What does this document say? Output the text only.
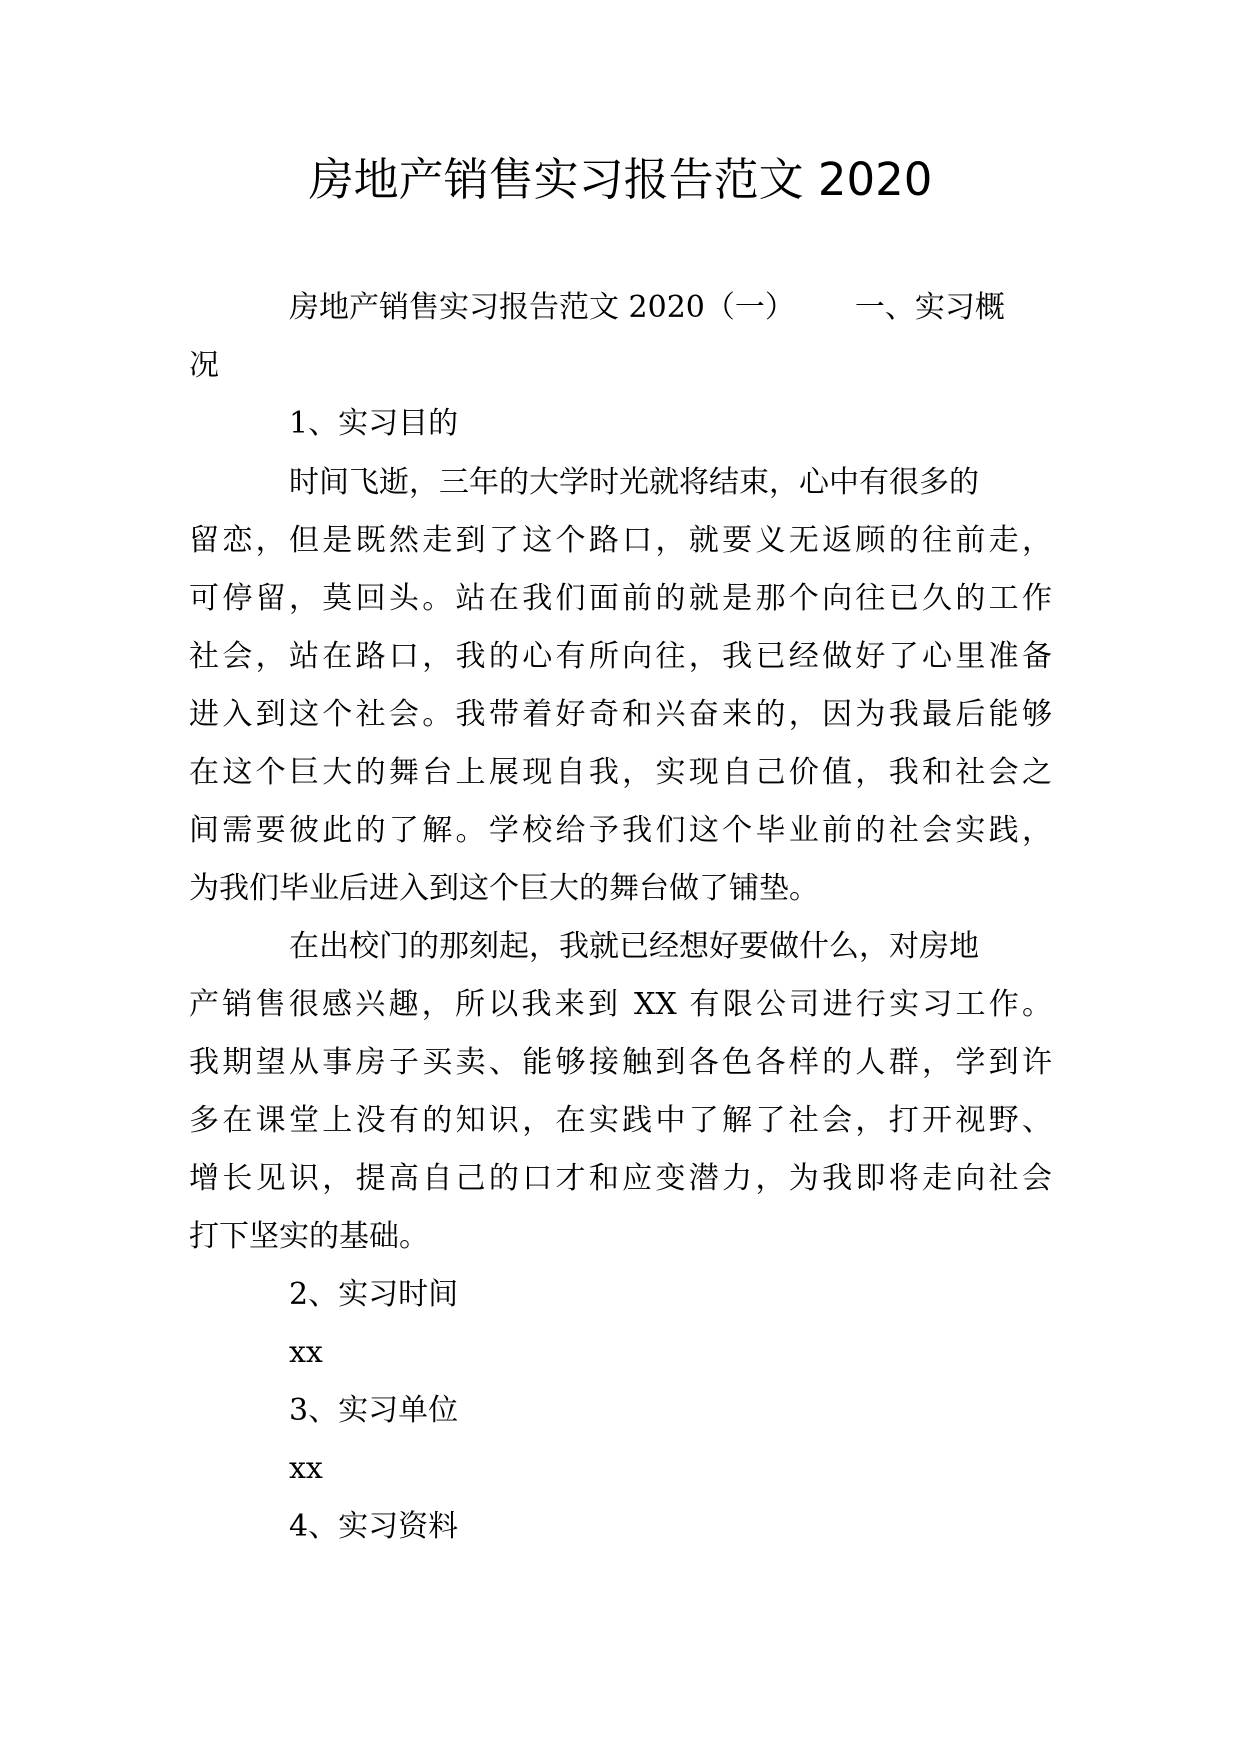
房地产销售实习报告范文 2020
房地产销售实习报告范文 2020（一） 一、实习概
况
1、实习目的
时间飞逝，三年的大学时光就将结束，心中有很多的
留恋，但是既然走到了这个路口，就要义无返顾的往前走，
可停留，莫回头。站在我们面前的就是那个向往已久的工作
社会，站在路口，我的心有所向往，我已经做好了心里准备
进入到这个社会。我带着好奇和兴奋来的，因为我最后能够
在这个巨大的舞台上展现自我，实现自己价值，我和社会之
间需要彼此的了解。学校给予我们这个毕业前的社会实践，
为我们毕业后进入到这个巨大的舞台做了铺垫。
在出校门的那刻起，我就已经想好要做什么，对房地
产销售很感兴趣，所以我来到 XX 有限公司进行实习工作。
我期望从事房子买卖、能够接触到各色各样的人群，学到许
多在课堂上没有的知识，在实践中了解了社会，打开视野、
增长见识，提高自己的口才和应变潜力，为我即将走向社会
打下坚实的基础。
2、实习时间
xx
3、实习单位
xx
4、实习资料
